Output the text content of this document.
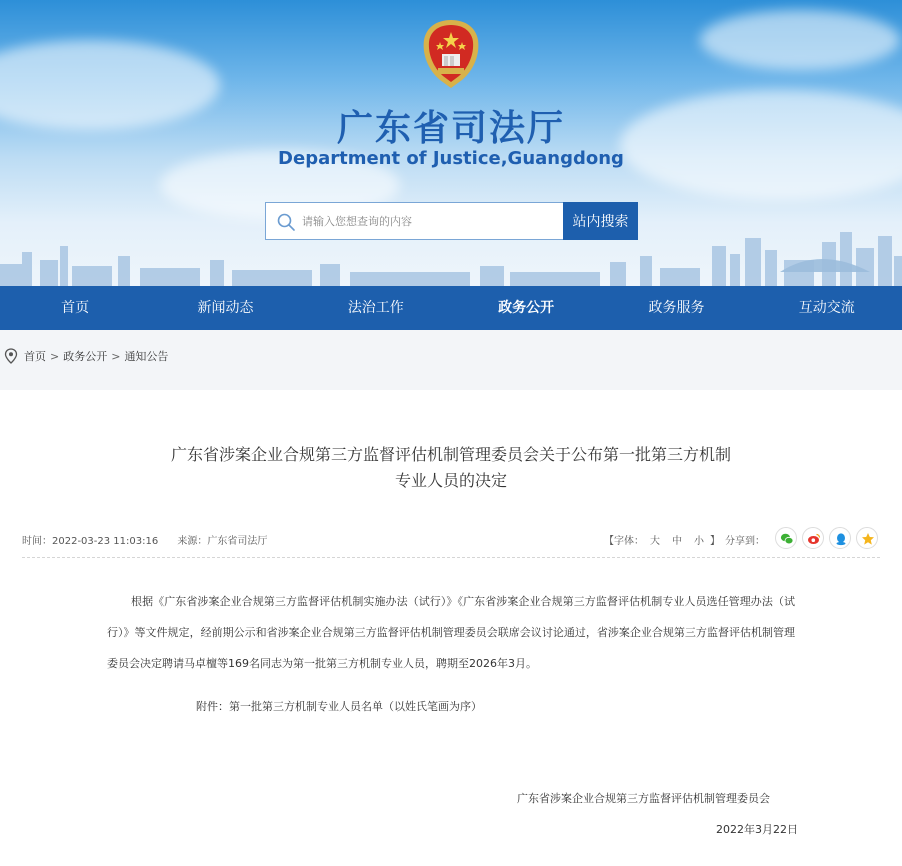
广东省司法厅
Department of Justice,Guangdong
请输入您想查询的内容
站内搜索
首页	新闻动态	法治工作	政务公开	政务服务	互动交流
首页 > 政务公开 > 通知公告
广东省涉案企业合规第三方监督评估机制管理委员会关于公布第一批第三方机制
专业人员的决定
时间：2022-03-23 11:03:16 来源：广东省司法厅	【字体： 大 中 小 】 分享到：
根据《广东省涉案企业合规第三方监督评估机制实施办法（试行）》《广东省涉案企业合规第三方监督评估机制专业人员选任管理办法（试行）》等文件规定，经前期公示和省涉案企业合规第三方监督评估机制管理委员会联席会议讨论通过，省涉案企业合规第三方监督评估机制管理委员会决定聘请马卓檀等169名同志为第一批第三方机制专业人员，聘期至2026年3月。
附件：第一批第三方机制专业人员名单（以姓氏笔画为序）
广东省涉案企业合规第三方监督评估机制管理委员会
2022年3月22日
